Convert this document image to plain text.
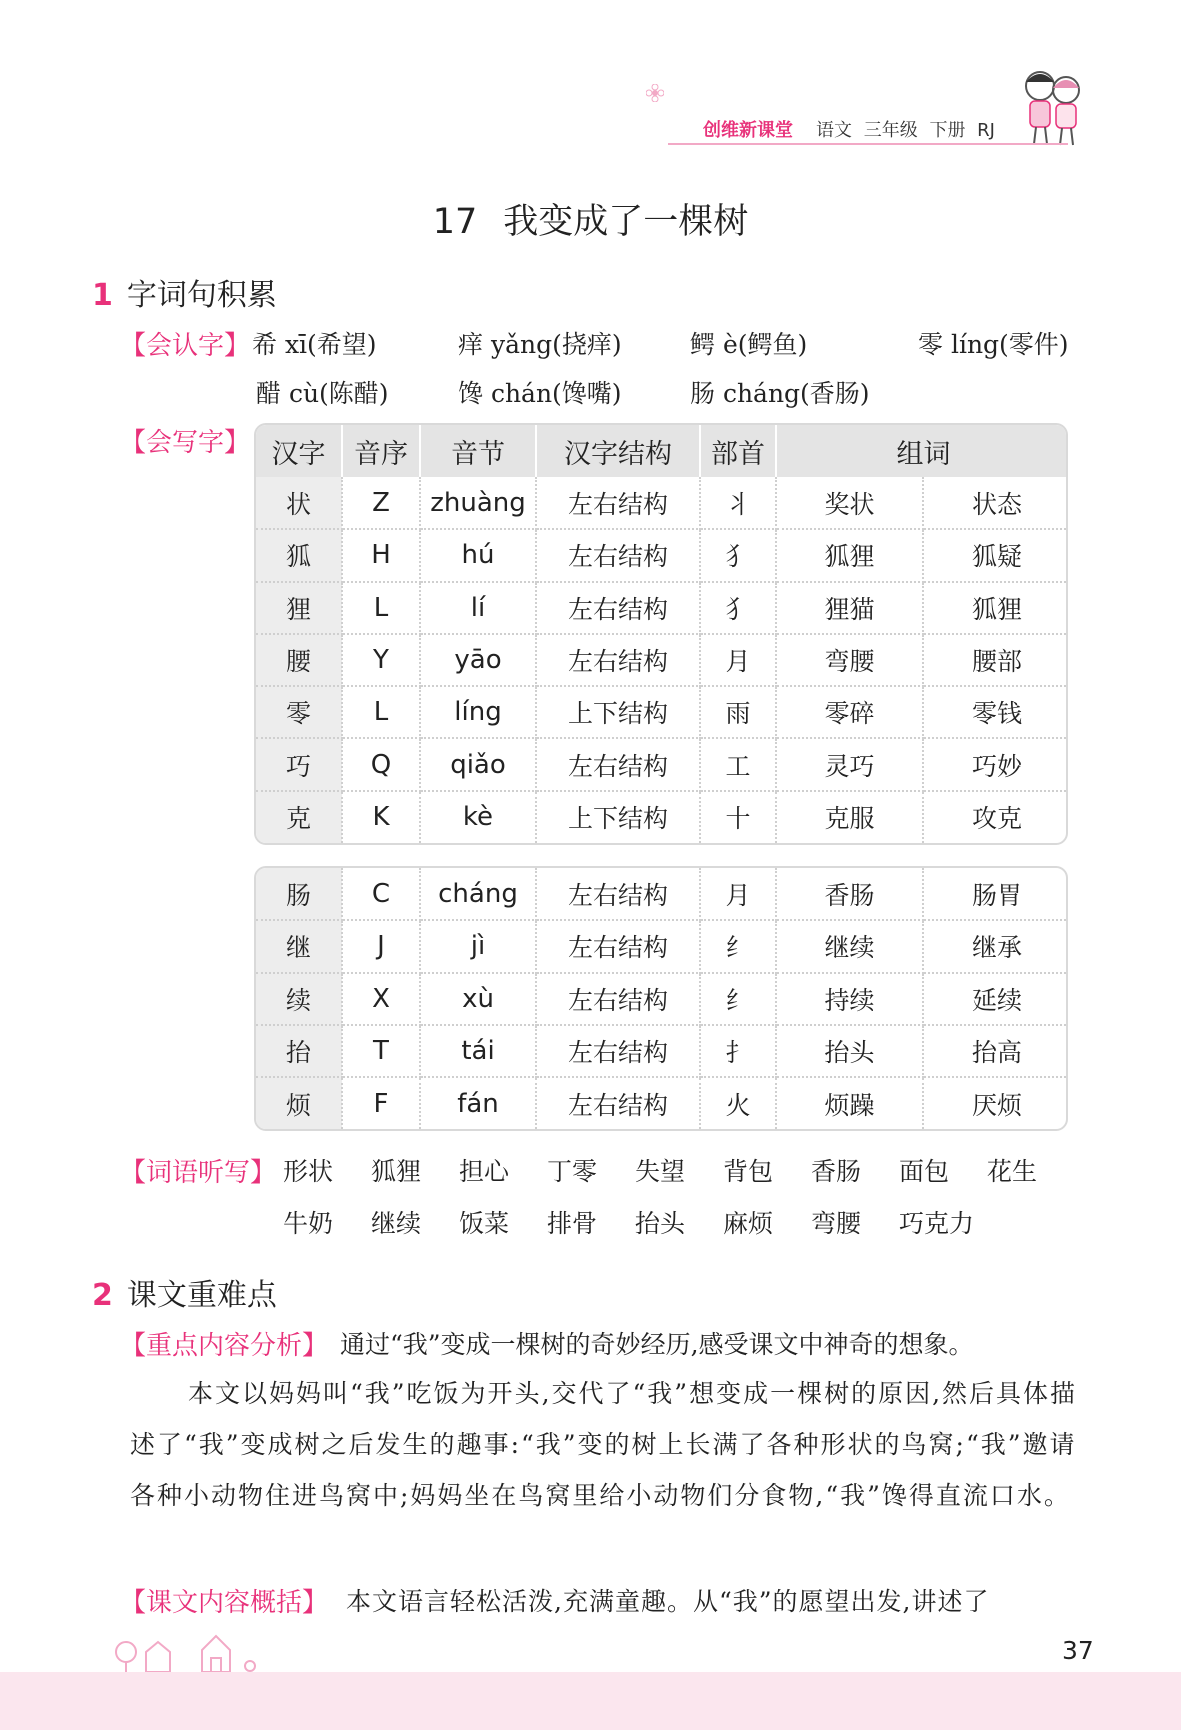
创维新课堂 语文 三年级 下册 RJ
17 我变成了一棵树
1 字词句积累
【会认字】 希 xī(希望)	痒 yǎng(挠痒)	鳄 è(鳄鱼)	零 líng(零件)
醋 cù(陈醋)	馋 chán(馋嘴)	肠 cháng(香肠)
【会写字】 汉字	音序	音节	汉字结构	部首	组词	
状	Z	zhuàng	左右结构	丬	奖状	状态
狐	H	hú	左右结构	犭	狐狸	狐疑
狸	L	lí	左右结构	犭	狸猫	狐狸
腰	Y	yāo	左右结构	月	弯腰	腰部
零	L	líng	上下结构	雨	零碎	零钱
巧	Q	qiǎo	左右结构	工	灵巧	巧妙
克	K	kè	上下结构	十	克服	攻克
肠	C	cháng	左右结构	月	香肠	肠胃
继	J	jì	左右结构	纟	继续	继承
续	X	xù	左右结构	纟	持续	延续
抬	T	tái	左右结构	扌	抬头	抬高
烦	F	fán	左右结构	火	烦躁	厌烦
【词语听写】 形状 狐狸 担心 丁零 失望 背包 香肠 面包 花生
牛奶 继续 饭菜 排骨 抬头 麻烦 弯腰 巧克力
2 课文重难点
【重点内容分析】 通过“我”变成一棵树的奇妙经历,感受课文中神奇的想象。
本文以妈妈叫“我”吃饭为开头,交代了“我”想变成一棵树的原因,然后具体描述了“我”变成树之后发生的趣事:“我”变的树上长满了各种形状的鸟窝;“我”邀请各种小动物住进鸟窝中;妈妈坐在鸟窝里给小动物们分食物,“我”馋得直流口水。
【课文内容概括】 本文语言轻松活泼,充满童趣。从“我”的愿望出发,讲述了
37
